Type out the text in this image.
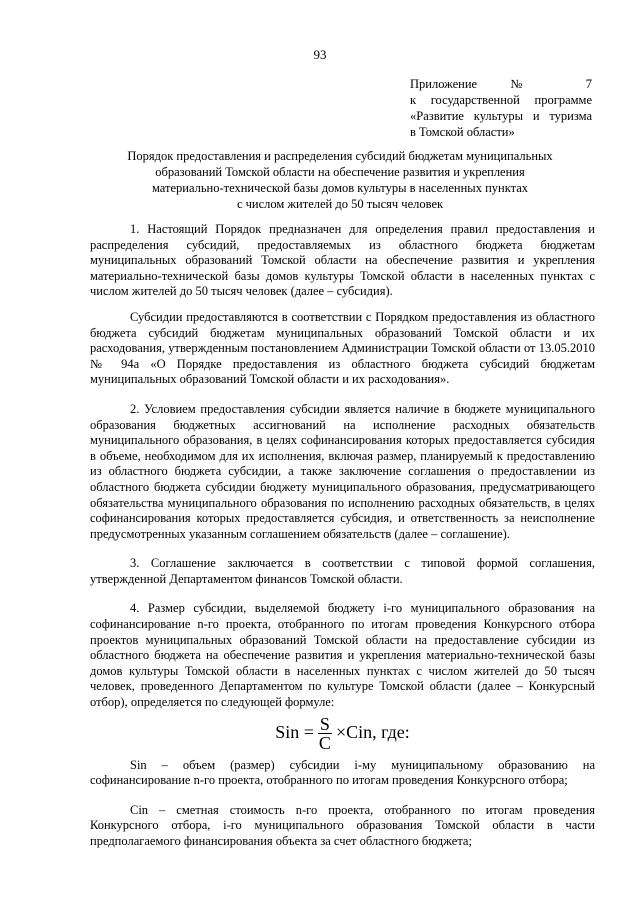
93
Приложение № 7
к государственной программе
«Развитие культуры и туризма
в Томской области»
Порядок предоставления и распределения субсидий бюджетам муниципальных
образований Томской области на обеспечение развития и укрепления
материально-технической базы домов культуры в населенных пунктах
с числом жителей до 50 тысяч человек

1. Настоящий Порядок предназначен для определения правил предоставления и распределения субсидий, предоставляемых из областного бюджета бюджетам муниципальных образований Томской области на обеспечение развития и укрепления материально-технической базы домов культуры Томской области в населенных пунктах с числом жителей до 50 тысяч человек (далее – субсидия).

Субсидии предоставляются в соответствии с Порядком предоставления из областного бюджета субсидий бюджетам муниципальных образований Томской области и их расходования, утвержденным постановлением Администрации Томской области от 13.05.2010 № 94а «О Порядке предоставления из областного бюджета субсидий бюджетам муниципальных образований Томской области и их расходования».

2. Условием предоставления субсидии является наличие в бюджете муниципального образования бюджетных ассигнований на исполнение расходных обязательств муниципального образования, в целях софинансирования которых предоставляется субсидия в объеме, необходимом для их исполнения, включая размер, планируемый к предоставлению из областного бюджета субсидии, а также заключение соглашения о предоставлении из областного бюджета субсидии бюджету муниципального образования, предусматривающего обязательства муниципального образования по исполнению расходных обязательств, в целях софинансирования которых предоставляется субсидия, и ответственность за неисполнение предусмотренных указанным соглашением обязательств (далее – соглашение).

3. Соглашение заключается в соответствии с типовой формой соглашения, утвержденной Департаментом финансов Томской области.

4. Размер субсидии, выделяемой бюджету i-го муниципального образования на софинансирование n-го проекта, отобранного по итогам проведения Конкурсного отбора проектов муниципальных образований Томской области на предоставление субсидии из областного бюджета на обеспечение развития и укрепления материально-технической базы домов культуры Томской области в населенных пунктах с числом жителей до 50 тысяч человек, проведенного Департаментом по культуре Томской области (далее – Конкурсный отбор), определяется по следующей формуле:

Sin = $\frac{S}{C} \times Cin$, где:

Sin – объем (размер) субсидии i-му муниципальному образованию на софинансирование n-го проекта, отобранного по итогам проведения Конкурсного отбора;

Cin – сметная стоимость n-го проекта, отобранного по итогам проведения Конкурсного отбора, i-го муниципального образования Томской области в части предполагаемого финансирования объекта за счет областного бюджета;
